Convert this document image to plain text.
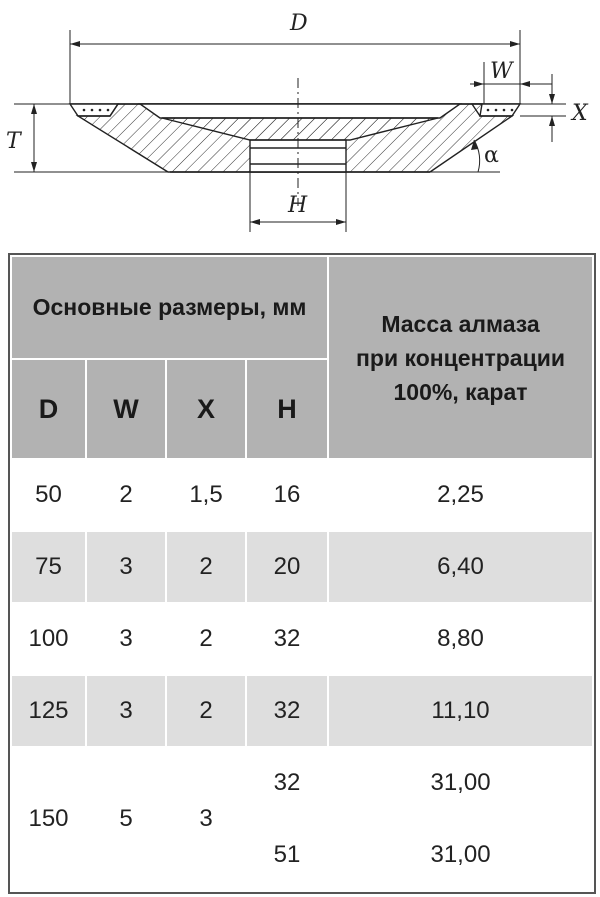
D
W
X
T
α
H
Основные размеры, мм				Масса алмаза
при концентрации
100%, карат

D	W	X	H	
50	2	1,5	16	2,25
75	3	2	20	6,40
100	3	2	32	8,80
125	3	2	32	11,10
150	5	3	32	31,00
			51	31,00
